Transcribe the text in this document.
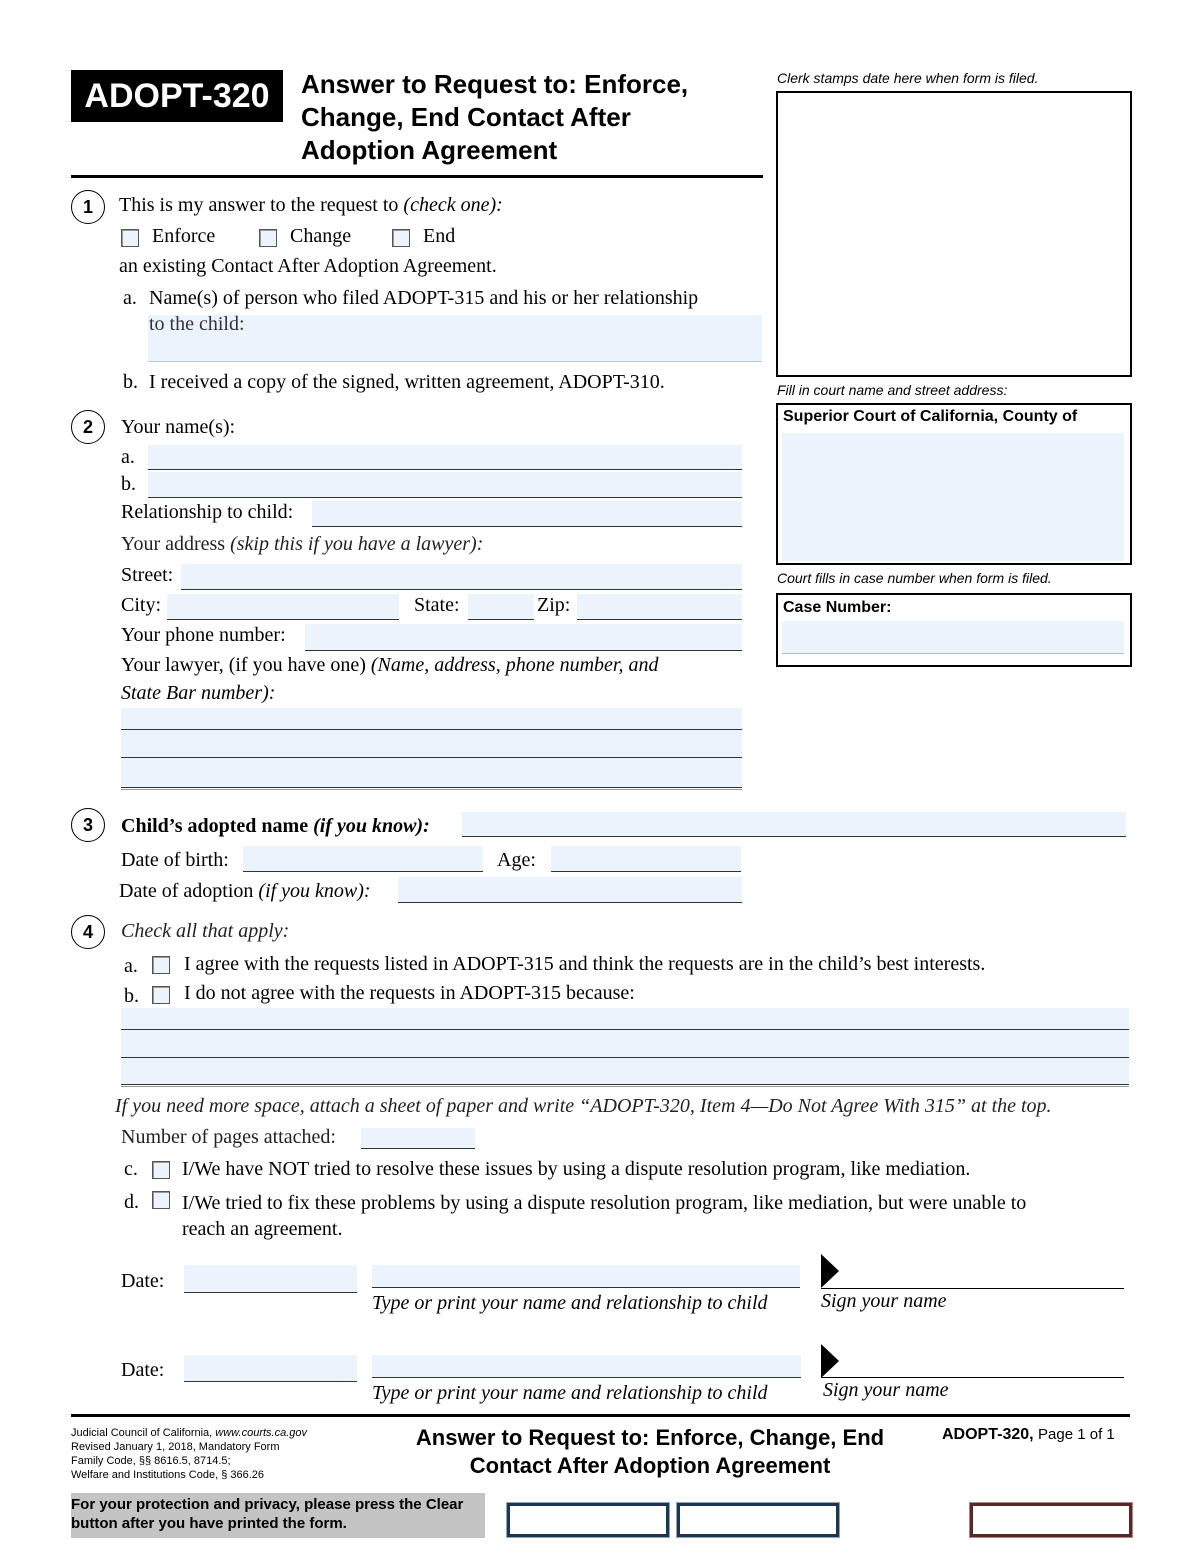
ADOPT-320	Answer to Request to: Enforce,
Change, End Contact After
Adoption Agreement
Clerk stamps date here when form is filed.
Fill in court name and street address:
Superior Court of California, County of
Court fills in case number when form is filed.
Case Number:
1	This is my answer to the request to (check one):
Enforce	Change	End
an existing Contact After Adoption Agreement.
a. Name(s) of person who filed ADOPT-315 and his or her relationship
to the child:
b. I received a copy of the signed, written agreement, ADOPT-310.
2	Your name(s):
a.
b.
Relationship to child:
Your address (skip this if you have a lawyer):
Street:
City:	State:	Zip:
Your phone number:
Your lawyer, (if you have one) (Name, address, phone number, and
State Bar number):
3	Child’s adopted name (if you know):
Date of birth:	Age:
Date of adoption (if you know):
4	Check all that apply:
a. I agree with the requests listed in ADOPT-315 and think the requests are in the child’s best interests.
b. I do not agree with the requests in ADOPT-315 because:
If you need more space, attach a sheet of paper and write “ADOPT-320, Item 4—Do Not Agree With 315” at the top.
Number of pages attached:
c. I/We have NOT tried to resolve these issues by using a dispute resolution program, like mediation.
d. I/We tried to fix these problems by using a dispute resolution program, like mediation, but were unable to
reach an agreement.
Date:
Type or print your name and relationship to child	Sign your name
Date:
Type or print your name and relationship to child	Sign your name
Judicial Council of California, www.courts.ca.gov
Revised January 1, 2018, Mandatory Form
Family Code, §§ 8616.5, 8714.5;
Welfare and Institutions Code, § 366.26
Answer to Request to: Enforce, Change, End
Contact After Adoption Agreement
ADOPT-320, Page 1 of 1
For your protection and privacy, please press the Clear
button after you have printed the form.
